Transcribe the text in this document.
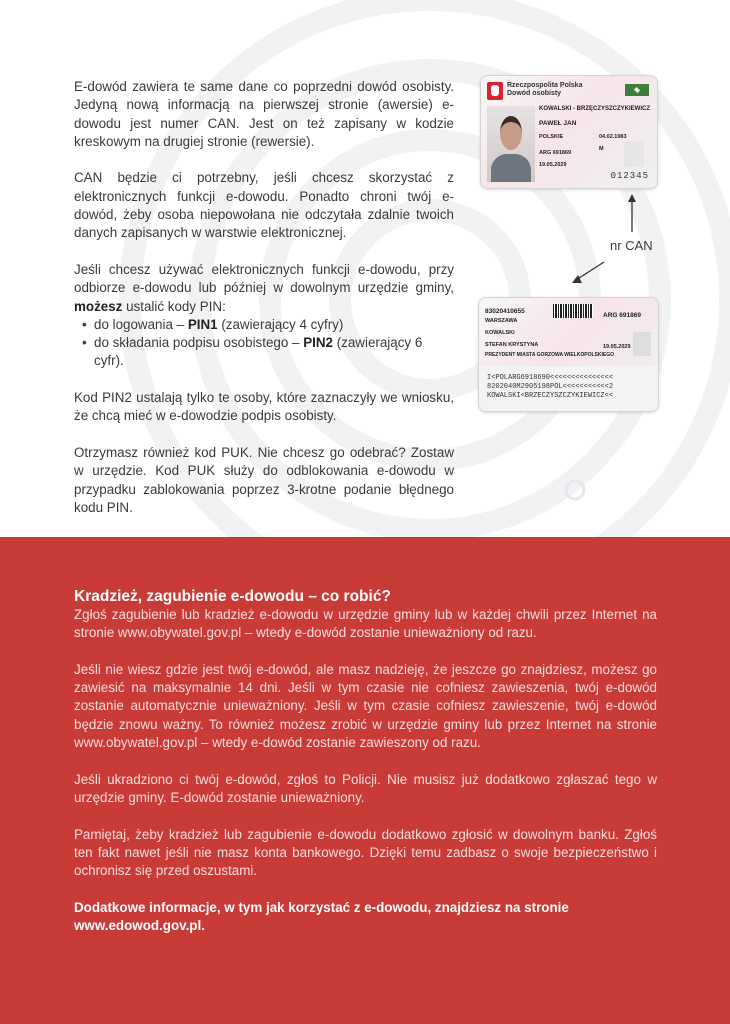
E-dowód zawiera te same dane co poprzedni dowód osobisty. Jedyną nową informacją na pierwszej stronie (awersie) e-dowodu jest numer CAN. Jest on też zapisany w kodzie kreskowym na drugiej stronie (rewersie).

CAN będzie ci potrzebny, jeśli chcesz skorzystać z elektronicznych funkcji e-dowodu. Ponadto chroni twój e-dowód, żeby osoba niepowołana nie odczytała zdalnie twoich danych zapisanych w warstwie elektronicznej.

Jeśli chcesz używać elektronicznych funkcji e-dowodu, przy odbiorze e-dowodu lub później w dowolnym urzędzie gminy, możesz ustalić kody PIN:

• do logowania – PIN1 (zawierający 4 cyfry)
• do składania podpisu osobistego – PIN2 (zawierający 6 cyfr).

Kod PIN2 ustalają tylko te osoby, które zaznaczyły we wniosku, że chcą mieć w e-dowodzie podpis osobisty.

Otrzymasz również kod PUK. Nie chcesz go odebrać? Zostaw w urzędzie. Kod PUK służy do odblokowania e-dowodu w przypadku zablokowania poprzez 3-krotne podanie błędnego kodu PIN.

Rzeczpospolita Polska
Dowód osobisty
KOWALSKI - BRZĘCZYSZCZYKIEWICZ
PAWEŁ JAN
POLSKIE	04.02.1983
M
ARG 691869
19.05.2029
012345
83020410655
WARSZAWA
ARG 691869
KOWALSKI
STEFAN KRYSTYNA	19.05.2029
PREZYDENT MIASTA GORZOWA WIELKOPOLSKIEGO
I<POLARG6918690<<<<<<<<<<<<<<<
8202040M2905198POL<<<<<<<<<<<2
KOWALSKI<BRZECZYSZCZYKIEWICZ<<
nr CAN
Kradzież, zagubienie e-dowodu – co robić?

Zgłoś zagubienie lub kradzież e-dowodu w urzędzie gminy lub w każdej chwili przez Internet na stronie www.obywatel.gov.pl – wtedy e-dowód zostanie unieważniony od razu.

Jeśli nie wiesz gdzie jest twój e-dowód, ale masz nadzieję, że jeszcze go znajdziesz, możesz go zawiesić na maksymalnie 14 dni. Jeśli w tym czasie nie cofniesz zawieszenia, twój e-dowód zostanie automatycznie unieważniony. Jeśli w tym czasie cofniesz zawieszenie, twój e-dowód będzie znowu ważny. To również możesz zrobić w urzędzie gminy lub przez Internet na stronie www.obywatel.gov.pl – wtedy e-dowód zostanie zawieszony od razu.

Jeśli ukradziono ci twój e-dowód, zgłoś to Policji. Nie musisz już dodatkowo zgłaszać tego w urzędzie gminy. E-dowód zostanie unieważniony.

Pamiętaj, żeby kradzież lub zagubienie e-dowodu dodatkowo zgłosić w dowolnym banku. Zgłoś ten fakt nawet jeśli nie masz konta bankowego. Dzięki temu zadbasz o swoje bezpieczeństwo i ochronisz się przed oszustami.

Dodatkowe informacje, w tym jak korzystać z e-dowodu, znajdziesz na stronie www.edowod.gov.pl.
